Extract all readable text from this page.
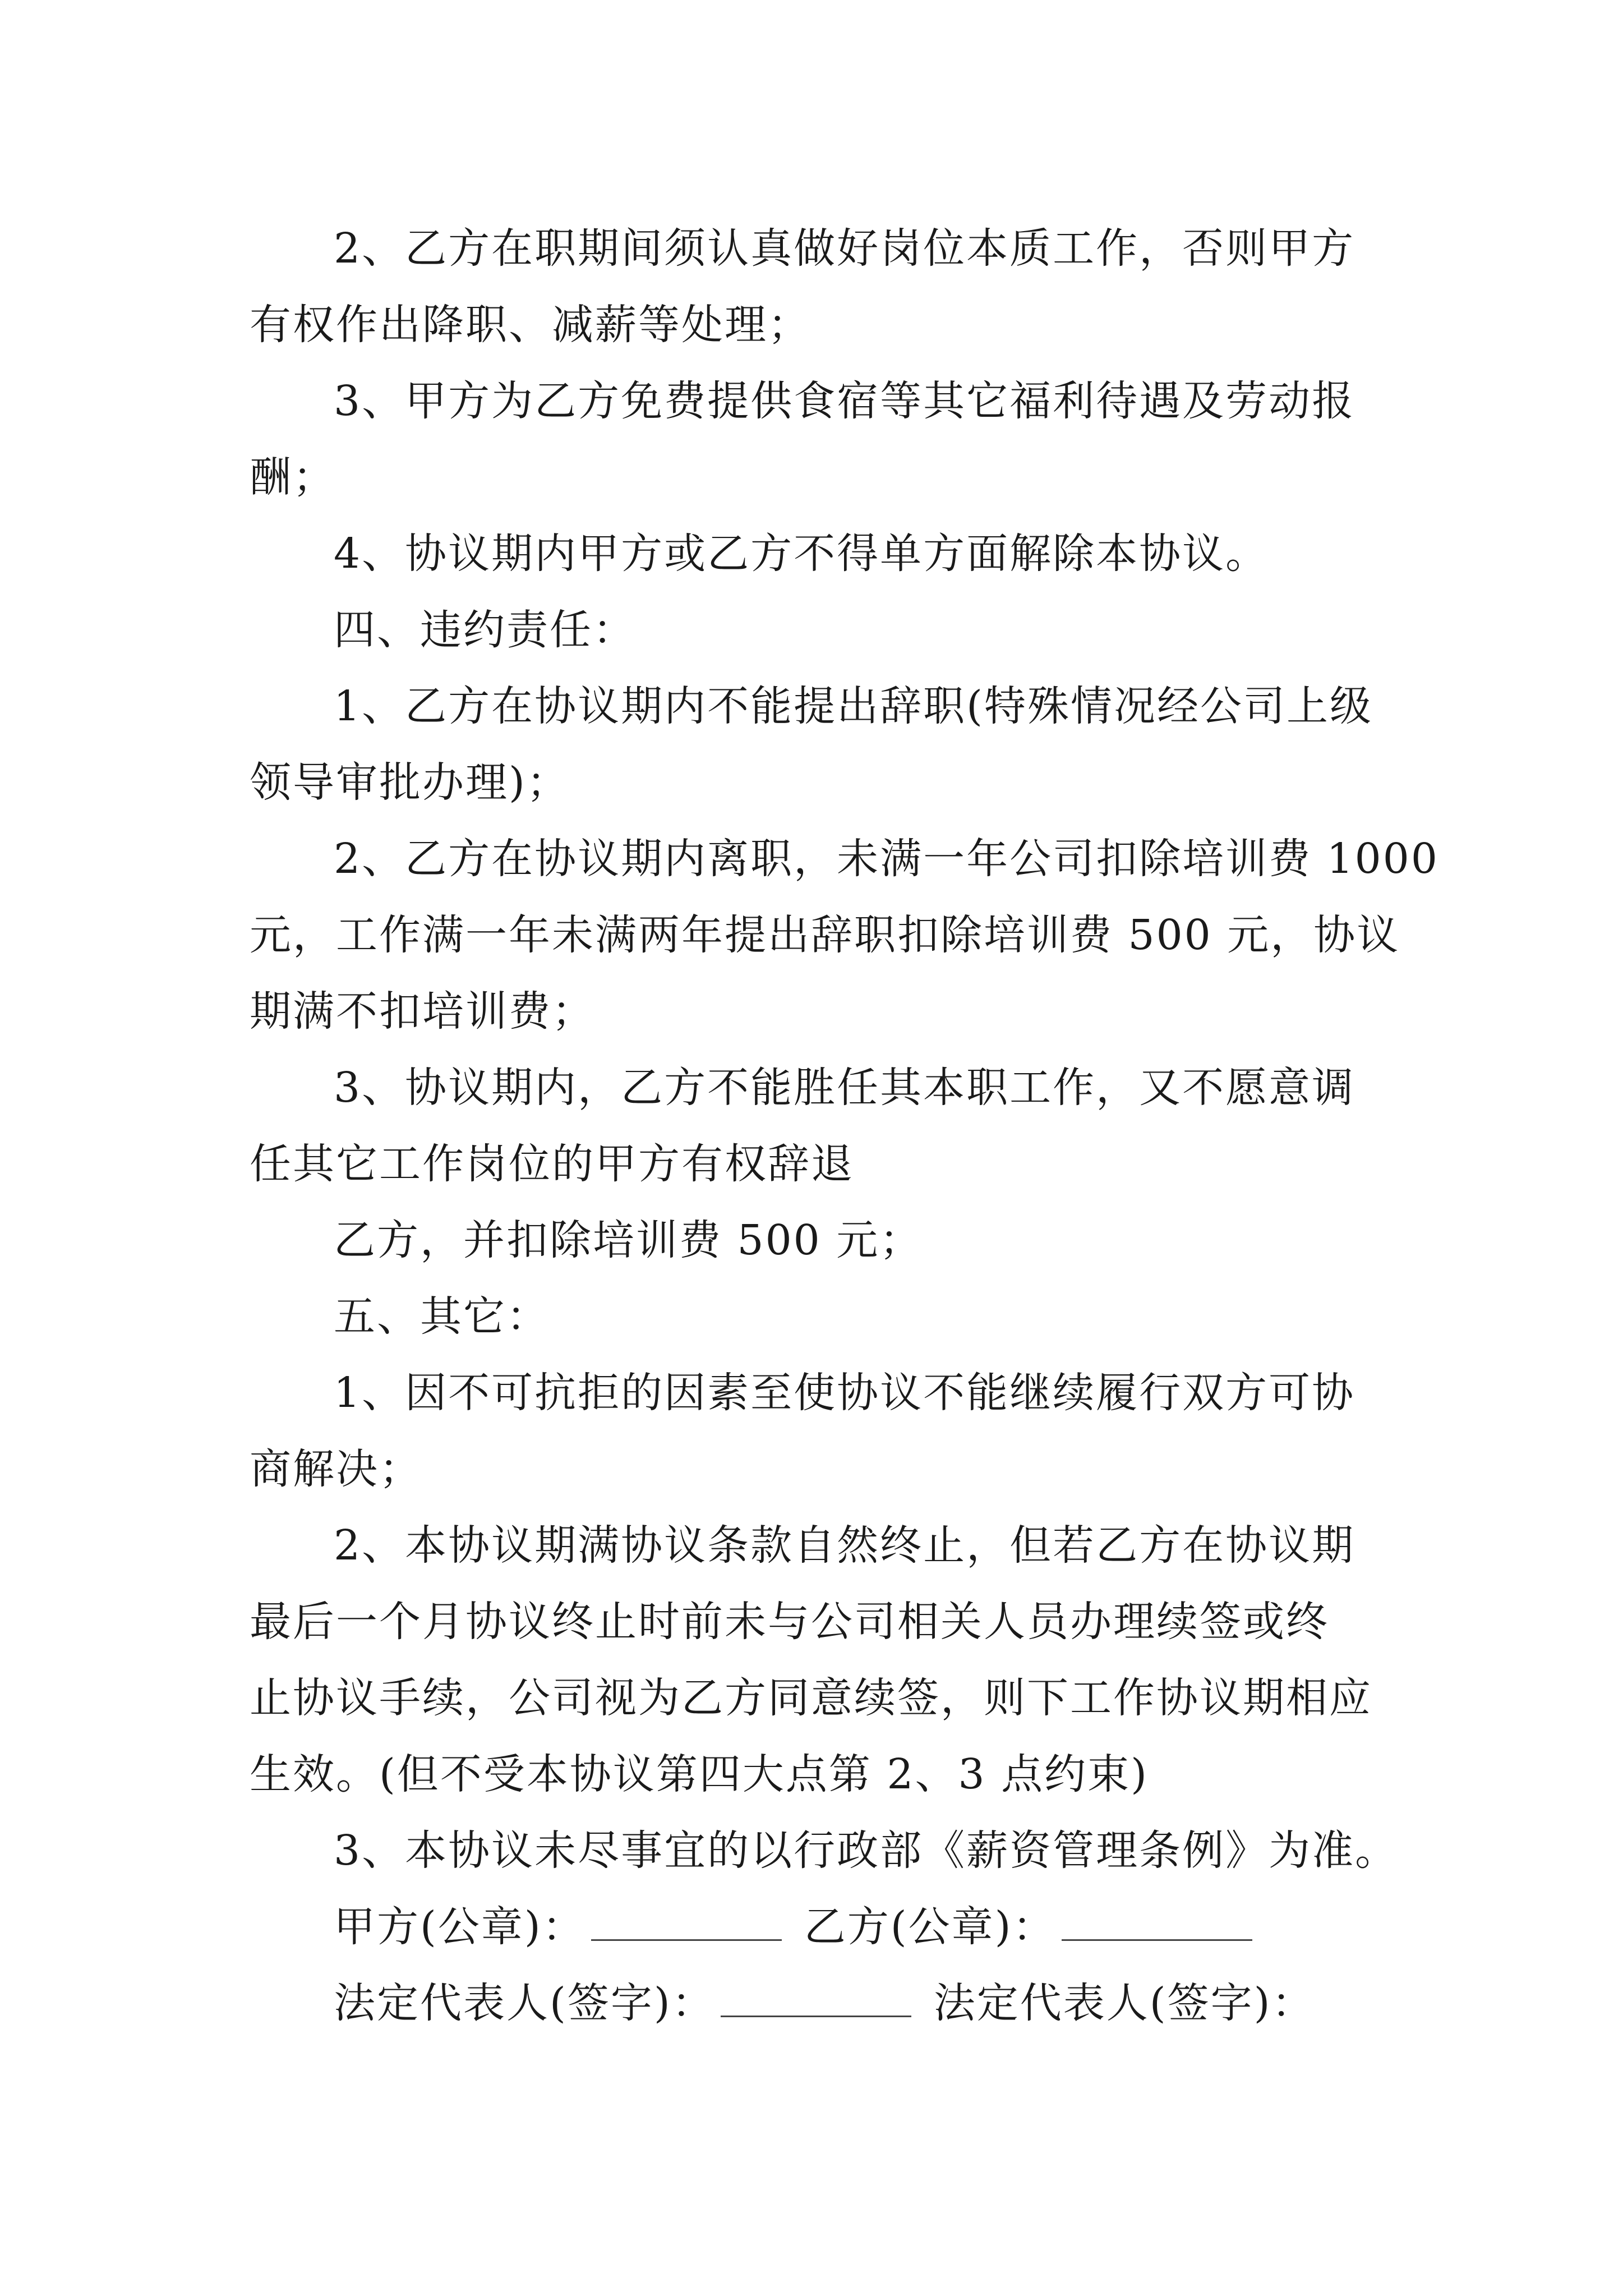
2、乙方在职期间须认真做好岗位本质工作，否则甲方
有权作出降职、减薪等处理；
3、甲方为乙方免费提供食宿等其它福利待遇及劳动报
酬；
4、协议期内甲方或乙方不得单方面解除本协议。
四、违约责任：
1、乙方在协议期内不能提出辞职(特殊情况经公司上级
领导审批办理)；
2、乙方在协议期内离职，未满一年公司扣除培训费 1000
元，工作满一年未满两年提出辞职扣除培训费 500 元，协议
期满不扣培训费；
3、协议期内，乙方不能胜任其本职工作，又不愿意调
任其它工作岗位的甲方有权辞退
乙方，并扣除培训费 500 元；
五、其它：
1、因不可抗拒的因素至使协议不能继续履行双方可协
商解决；
2、本协议期满协议条款自然终止，但若乙方在协议期
最后一个月协议终止时前未与公司相关人员办理续签或终
止协议手续，公司视为乙方同意续签，则下工作协议期相应
生效。(但不受本协议第四大点第 2、3 点约束)
3、本协议未尽事宜的以行政部《薪资管理条例》为准。
甲方(公章)：	乙方(公章)：
法定代表人(签字)：	法定代表人(签字)：
